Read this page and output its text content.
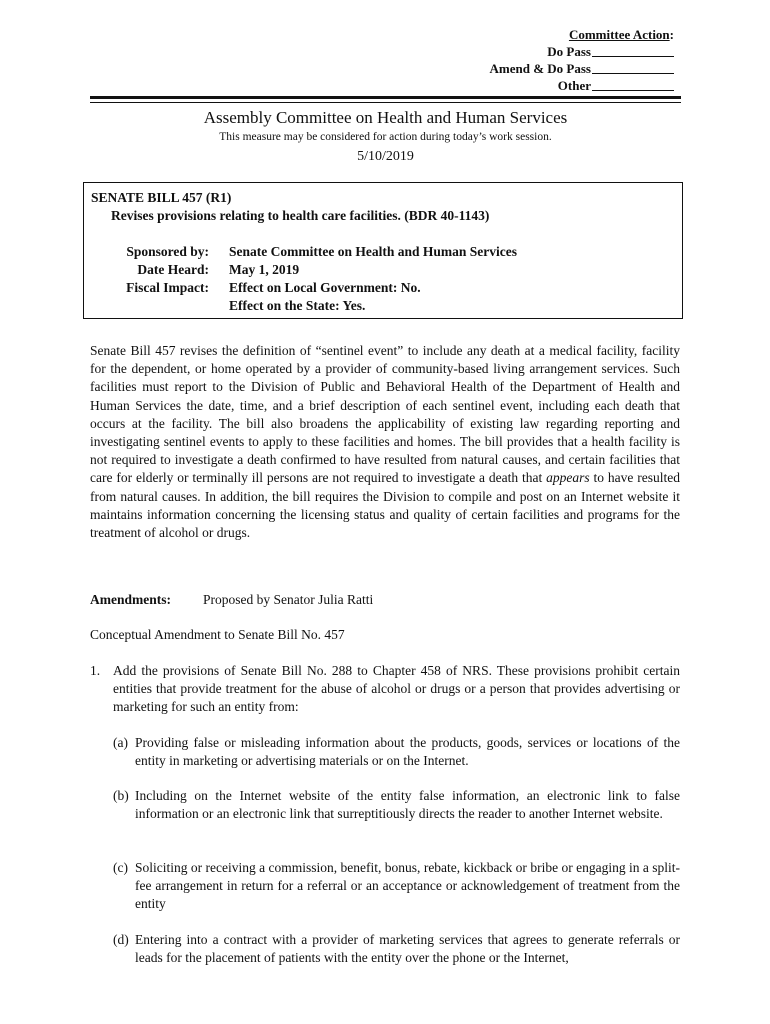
Committee Action:
Do Pass
Amend & Do Pass
Other
Assembly Committee on Health and Human Services
This measure may be considered for action during today’s work session.
5/10/2019
SENATE BILL 457 (R1)
Revises provisions relating to health care facilities. (BDR 40-1143)
Sponsored by:	Senate Committee on Health and Human Services
Date Heard:	May 1, 2019
Fiscal Impact:	Effect on Local Government: No.
Effect on the State: Yes.
Senate Bill 457 revises the definition of “sentinel event” to include any death at a medical facility, facility for the dependent, or home operated by a provider of community-based living arrangement services. Such facilities must report to the Division of Public and Behavioral Health of the Department of Health and Human Services the date, time, and a brief description of each sentinel event, including each death that occurs at the facility. The bill also broadens the applicability of existing law regarding reporting and investigating sentinel events to apply to these facilities and homes. The bill provides that a health facility is not required to investigate a death confirmed to have resulted from natural causes, and certain facilities that care for elderly or terminally ill persons are not required to investigate a death that appears to have resulted from natural causes. In addition, the bill requires the Division to compile and post on an Internet website it maintains information concerning the licensing status and quality of certain facilities and programs for the treatment of alcohol or drugs.
Amendments: Proposed by Senator Julia Ratti
Conceptual Amendment to Senate Bill No. 457
1. Add the provisions of Senate Bill No. 288 to Chapter 458 of NRS. These provisions prohibit certain entities that provide treatment for the abuse of alcohol or drugs or a person that provides advertising or marketing for such an entity from:
(a) Providing false or misleading information about the products, goods, services or locations of the entity in marketing or advertising materials or on the Internet.
(b) Including on the Internet website of the entity false information, an electronic link to false information or an electronic link that surreptitiously directs the reader to another Internet website.
(c) Soliciting or receiving a commission, benefit, bonus, rebate, kickback or bribe or engaging in a split-fee arrangement in return for a referral or an acceptance or acknowledgement of treatment from the entity
(d) Entering into a contract with a provider of marketing services that agrees to generate referrals or leads for the placement of patients with the entity over the phone or the Internet,
